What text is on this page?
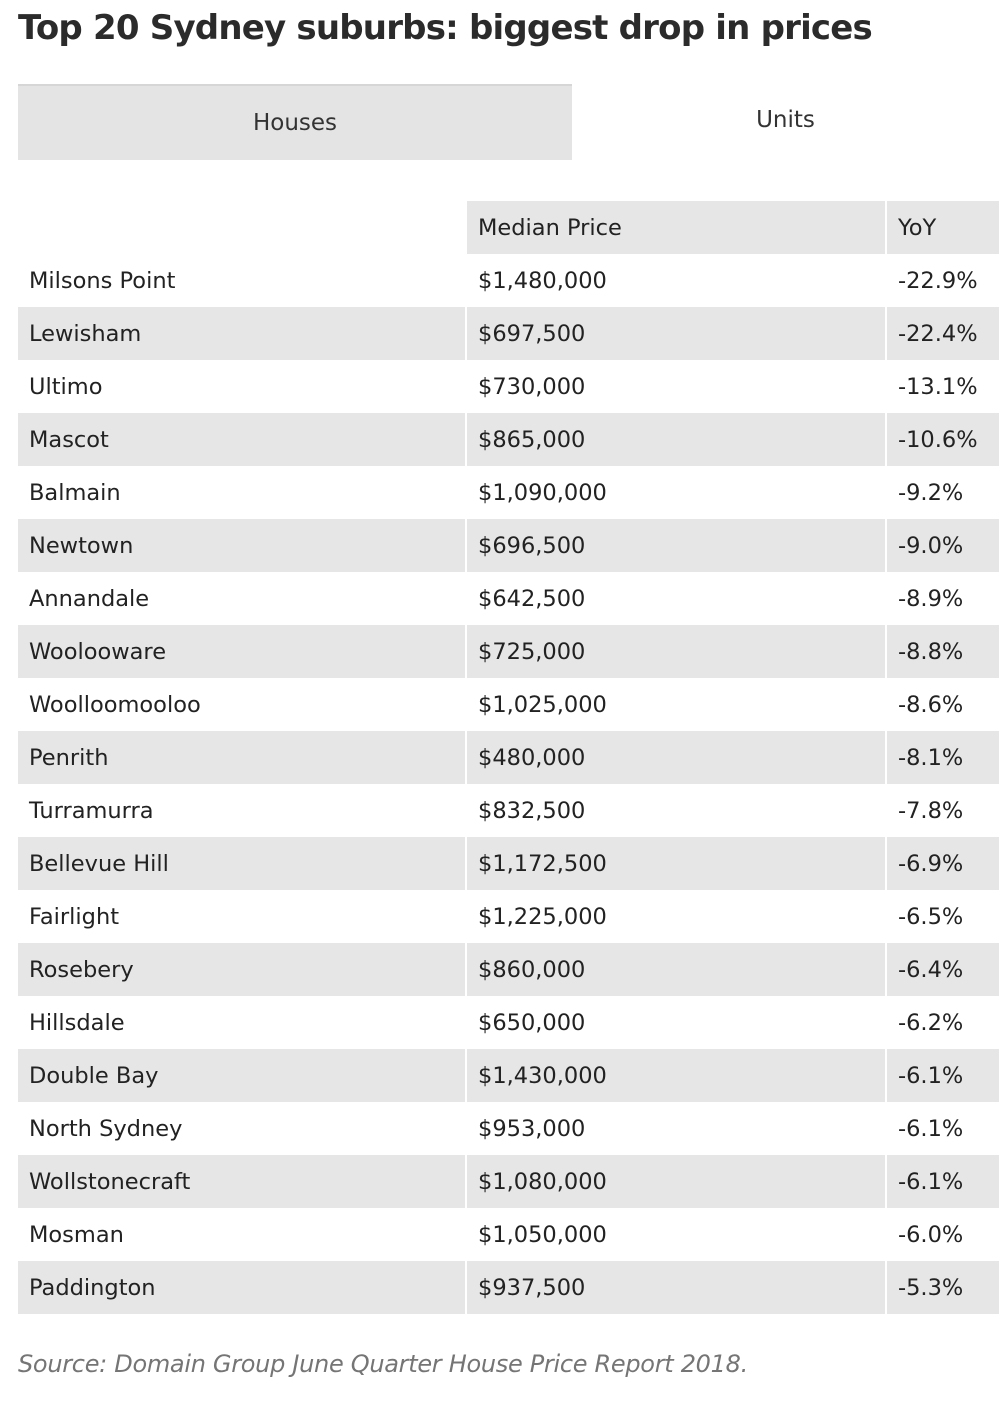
Top 20 Sydney suburbs: biggest drop in prices
Houses	Units
	Median Price	YoY
Milsons Point	$1,480,000	-22.9%
Lewisham	$697,500	-22.4%
Ultimo	$730,000	-13.1%
Mascot	$865,000	-10.6%
Balmain	$1,090,000	-9.2%
Newtown	$696,500	-9.0%
Annandale	$642,500	-8.9%
Woolooware	$725,000	-8.8%
Woolloomooloo	$1,025,000	-8.6%
Penrith	$480,000	-8.1%
Turramurra	$832,500	-7.8%
Bellevue Hill	$1,172,500	-6.9%
Fairlight	$1,225,000	-6.5%
Rosebery	$860,000	-6.4%
Hillsdale	$650,000	-6.2%
Double Bay	$1,430,000	-6.1%
North Sydney	$953,000	-6.1%
Wollstonecraft	$1,080,000	-6.1%
Mosman	$1,050,000	-6.0%
Paddington	$937,500	-5.3%
Source: Domain Group June Quarter House Price Report 2018.
